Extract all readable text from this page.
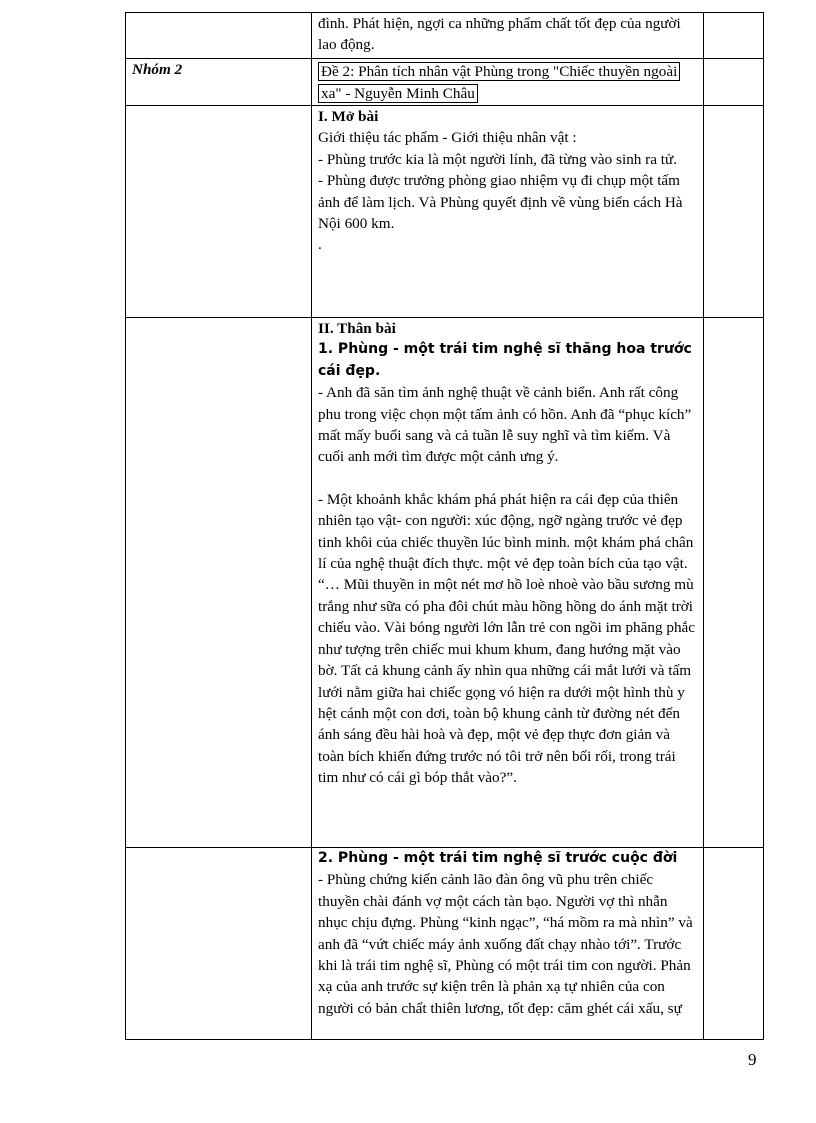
	đình. Phát hiện, ngợi ca những phẩm chất tốt đẹp của người lao động.	

Nhóm 2	Đề 2: Phân tích nhân vật Phùng trong "Chiếc thuyền ngoài xa" - Nguyễn Minh Châu	

	I. Mở bài

Giới thiệu tác phẩm - Giới thiệu nhân vật :

- Phùng trước kia là một người lính, đã từng vào sinh ra tử.

- Phùng được trưởng phòng giao nhiệm vụ đi chụp một tấm ảnh để làm lịch. Và Phùng quyết định về vùng biển cách Hà Nội 600 km.

.	

	II. Thân bài

1. Phùng - một trái tim nghệ sĩ thăng hoa trước cái đẹp.

- Anh đã săn tìm ảnh nghệ thuật về cảnh biển. Anh rất công phu trong việc chọn một tấm ảnh có hồn. Anh đã “phục kích” mất mấy buổi sang và cả tuần lễ suy nghĩ và tìm kiếm. Và cuối anh mới tìm được một cảnh ưng ý.

- Một khoảnh khắc khám phá phát hiện ra cái đẹp của thiên nhiên tạo vật- con người: xúc động, ngỡ ngàng trước vẻ đẹp tinh khôi của chiếc thuyền lúc bình minh. một khám phá chân lí của nghệ thuật đích thực. một vẻ đẹp toàn bích của tạo vật. “… Mũi thuyền in một nét mơ hồ loè nhoè vào bầu sương mù trắng như sữa có pha đôi chút màu hồng hồng do ánh mặt trời chiếu vào. Vài bóng người lớn lẫn trẻ con ngồi im phăng phắc như tượng trên chiếc mui khum khum, đang hướng mặt vào bờ. Tất cả khung cảnh ấy nhìn qua những cái mắt lưới và tấm lưới nằm giữa hai chiếc gọng vó hiện ra dưới một hình thù y hệt cánh một con dơi, toàn bộ khung cảnh từ đường nét đến ánh sáng đều hài hoà và đẹp, một vẻ đẹp thực đơn giản và toàn bích khiến đứng trước nó tôi trở nên bối rối, trong trái tim như có cái gì bóp thắt vào?”.	

	2. Phùng - một trái tim nghệ sĩ trước cuộc đời

- Phùng chứng kiến cảnh lão đàn ông vũ phu trên chiếc thuyền chài đánh vợ một cách tàn bạo. Người vợ thì nhẫn nhục chịu đựng. Phùng “kinh ngạc”, “há mồm ra mà nhìn” và anh đã “vứt chiếc máy ảnh xuống đất chạy nhào tới”. Trước khi là trái tim nghệ sĩ, Phùng có một trái tim con người. Phản xạ của anh trước sự kiện trên là phản xạ tự nhiên của con người có bản chất thiên lương, tốt đẹp: căm ghét cái xấu, sự	

9
